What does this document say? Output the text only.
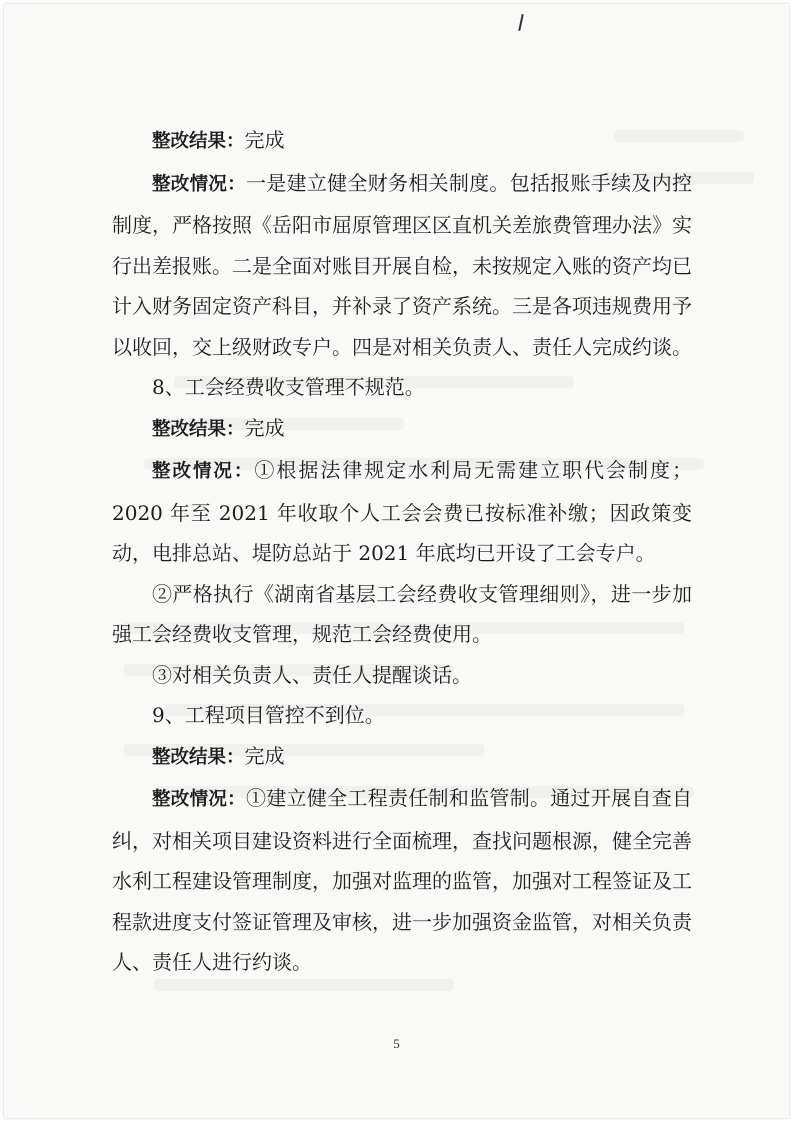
整改结果：完成

整改情况：一是建立健全财务相关制度。包括报账手续及内控制度，严格按照《岳阳市屈原管理区区直机关差旅费管理办法》实行出差报账。二是全面对账目开展自检，未按规定入账的资产均已计入财务固定资产科目，并补录了资产系统。三是各项违规费用予以收回，交上级财政专户。四是对相关负责人、责任人完成约谈。

8、工会经费收支管理不规范。

整改结果：完成

整改情况：①根据法律规定水利局无需建立职代会制度；2020 年至 2021 年收取个人工会会费已按标准补缴；因政策变动，电排总站、堤防总站于 2021 年底均已开设了工会专户。

②严格执行《湖南省基层工会经费收支管理细则》，进一步加强工会经费收支管理，规范工会经费使用。

③对相关负责人、责任人提醒谈话。

9、工程项目管控不到位。

整改结果：完成

整改情况：①建立健全工程责任制和监管制。通过开展自查自纠，对相关项目建设资料进行全面梳理，查找问题根源，健全完善水利工程建设管理制度，加强对监理的监管，加强对工程签证及工程款进度支付签证管理及审核，进一步加强资金监管，对相关负责人、责任人进行约谈。

5
